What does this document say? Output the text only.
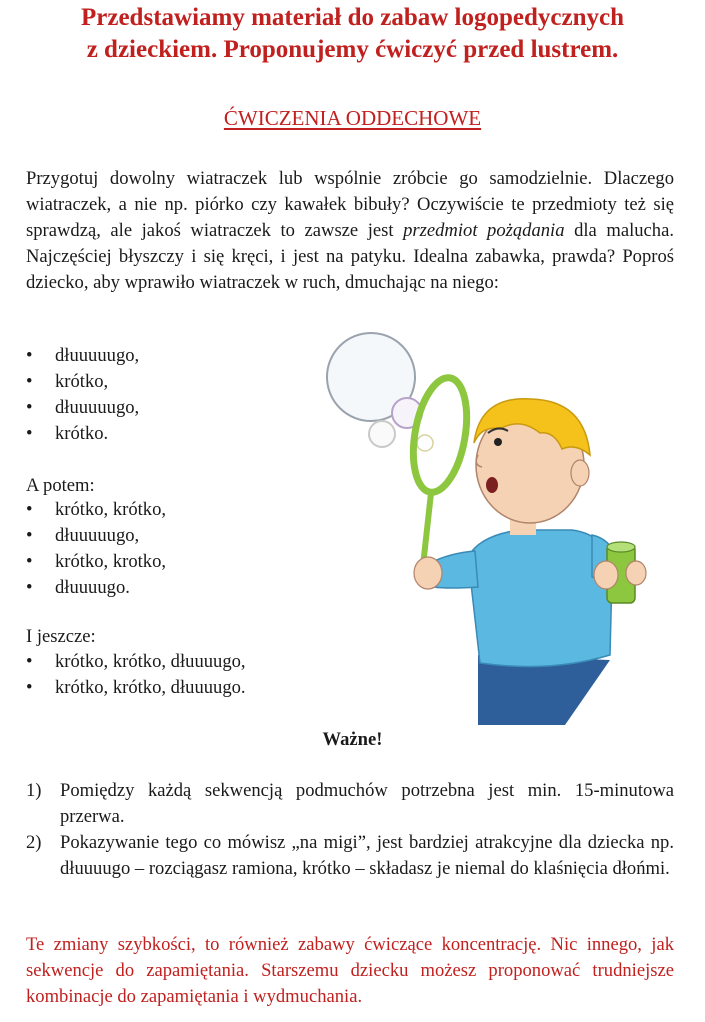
Przedstawiamy materiał do zabaw logopedycznych
z dzieckiem. Proponujemy ćwiczyć przed lustrem.
ĆWICZENIA ODDECHOWE
Przygotuj dowolny wiatraczek lub wspólnie zróbcie go samodzielnie. Dlaczego wiatraczek, a nie np. piórko czy kawałek bibuły? Oczywiście te przedmioty też się sprawdzą, ale jakoś wiatraczek to zawsze jest przedmiot pożądania dla malucha. Najczęściej błyszczy i się kręci, i jest na patyku. Idealna zabawka, prawda? Poproś dziecko, aby wprawiło wiatraczek w ruch, dmuchając na niego:
• dłuuuuugo,
• krótko,
• dłuuuuugo,
• krótko.
A potem:
• krótko, krótko,
• dłuuuuugo,
• krótko, krotko,
• dłuuuugo.
I jeszcze:
• krótko, krótko, dłuuuugo,
• krótko, krótko, dłuuuugo.
Ważne!
1) Pomiędzy każdą sekwencją podmuchów potrzebna jest min. 15-minutowa przerwa.
2) Pokazywanie tego co mówisz „na migi”, jest bardziej atrakcyjne dla dziecka np. dłuuuugo – rozciągasz ramiona, krótko – składasz je niemal do klaśnięcia dłońmi.
Te zmiany szybkości, to również zabawy ćwiczące koncentrację. Nic innego, jak sekwencje do zapamiętania. Starszemu dziecku możesz proponować trudniejsze kombinacje do zapamiętania i wydmuchania.
